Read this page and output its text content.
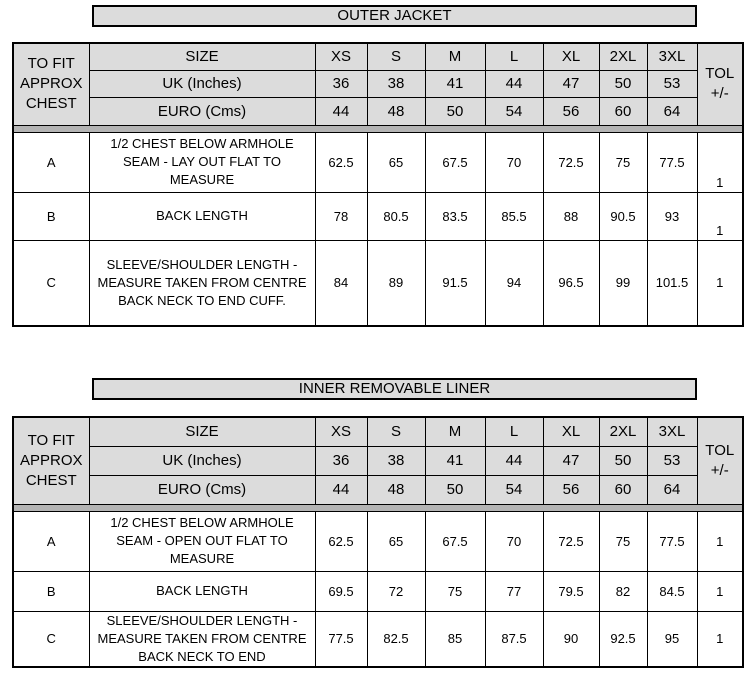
OUTER JACKET
TO FIT APPROX CHEST	SIZE	XS	S	M	L	XL	2XL	3XL	TOL +/-
	UK (Inches)	36	38	41	44	47	50	53	
	EURO (Cms)	44	48	50	54	56	60	64	

A	1/2 CHEST BELOW ARMHOLE SEAM - LAY OUT FLAT TO MEASURE	62.5	65	67.5	70	72.5	75	77.5	1
B	BACK LENGTH	78	80.5	83.5	85.5	88	90.5	93	1
C	SLEEVE/SHOULDER LENGTH - MEASURE TAKEN FROM CENTRE BACK NECK TO END CUFF.	84	89	91.5	94	96.5	99	101.5	1
INNER REMOVABLE LINER
TO FIT APPROX CHEST	SIZE	XS	S	M	L	XL	2XL	3XL	TOL +/-
	UK (Inches)	36	38	41	44	47	50	53	
	EURO (Cms)	44	48	50	54	56	60	64	

A	1/2 CHEST BELOW ARMHOLE SEAM - OPEN OUT FLAT TO MEASURE	62.5	65	67.5	70	72.5	75	77.5	1
B	BACK LENGTH	69.5	72	75	77	79.5	82	84.5	1
C	SLEEVE/SHOULDER LENGTH - MEASURE TAKEN FROM CENTRE BACK NECK TO END	77.5	82.5	85	87.5	90	92.5	95	1
